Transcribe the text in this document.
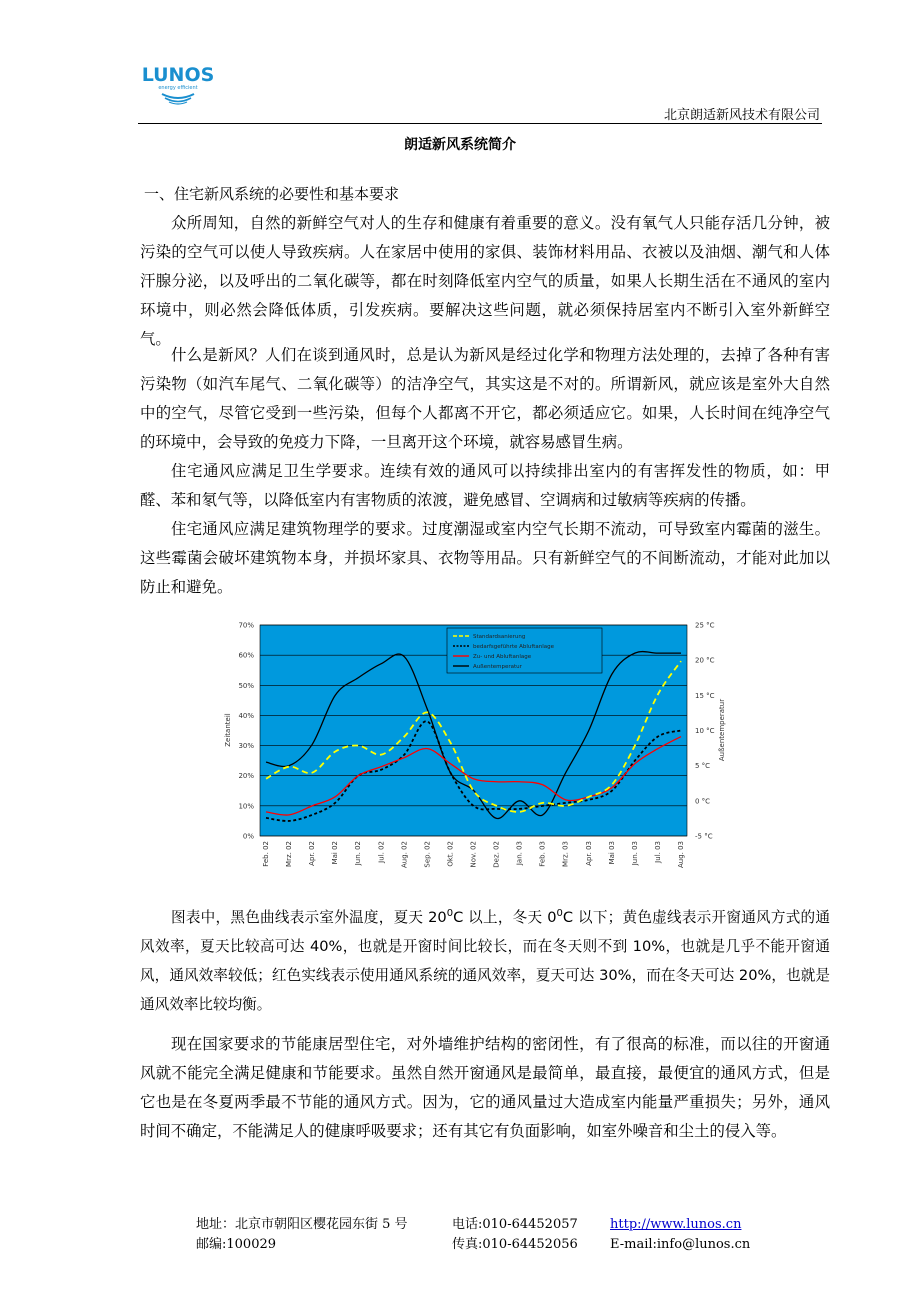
LUNOS
energy efficient
北京朗适新风技术有限公司
朗适新风系统简介
一、住宅新风系统的必要性和基本要求

众所周知，自然的新鲜空气对人的生存和健康有着重要的意义。没有氧气人只能存活几分钟，被污染的空气可以使人导致疾病。人在家居中使用的家俱、装饰材料用品、衣被以及油烟、潮气和人体汗腺分泌，以及呼出的二氧化碳等，都在时刻降低室内空气的质量，如果人长期生活在不通风的室内环境中，则必然会降低体质，引发疾病。要解决这些问题，就必须保持居室内不断引入室外新鲜空气。

什么是新风？人们在谈到通风时，总是认为新风是经过化学和物理方法处理的，去掉了各种有害污染物（如汽车尾气、二氧化碳等）的洁净空气，其实这是不对的。所谓新风，就应该是室外大自然中的空气，尽管它受到一些污染，但每个人都离不开它，都必须适应它。如果，人长时间在纯净空气的环境中，会导致的免疫力下降，一旦离开这个环境，就容易感冒生病。

住宅通风应满足卫生学要求。连续有效的通风可以持续排出室内的有害挥发性的物质，如：甲醛、苯和氡气等，以降低室内有害物质的浓渡，避免感冒、空调病和过敏病等疾病的传播。

住宅通风应满足建筑物理学的要求。过度潮湿或室内空气长期不流动，可导致室内霉菌的滋生。这些霉菌会破坏建筑物本身，并损坏家具、衣物等用品。只有新鲜空气的不间断流动，才能对此加以防止和避免。

0%
10%
20%
30%
40%
50%
60%
70%
-5 °C
0 °C
5 °C
10 °C
15 °C
20 °C
25 °C
Feb. 02 Mrz. 02 Apr. 02 Mai 02 Jun. 02 Jul. 02 Aug. 02 Sep. 02 Okt. 02 Nov. 02 Dez. 02 Jan. 03 Feb. 03 Mrz. 03 Apr. 03 Mai 03 Jun. 03 Jul. 03 Aug. 03
Zeitanteil	Außentemperatur
Standardsanierung
bedarfsgeführte Abluftanlage
Zu- und Abluftanlage
Außentemperatur

图表中，黑色曲线表示室外温度，夏天 $20^0C$ 以上，冬天 $0^0C$ 以下；黄色虚线表示开窗通风方式的通风效率，夏天比较高可达 40%，也就是开窗时间比较长，而在冬天则不到 10%，也就是几乎不能开窗通风，通风效率较低；红色实线表示使用通风系统的通风效率，夏天可达 30%，而在冬天可达 20%，也就是通风效率比较均衡。

现在国家要求的节能康居型住宅，对外墙维护结构的密闭性，有了很高的标准，而以往的开窗通风就不能完全满足健康和节能要求。虽然自然开窗通风是最简单，最直接，最便宜的通风方式，但是它也是在冬夏两季最不节能的通风方式。因为，它的通风量过大造成室内能量严重损失；另外，通风时间不确定，不能满足人的健康呼吸要求；还有其它有负面影响，如室外噪音和尘土的侵入等。

地址：北京市朝阳区樱花园东街 5 号	电话:010-64452057 http://www.lunos.cn
邮编:100029	传真:010-64452056 E-mail:info@lunos.cn
